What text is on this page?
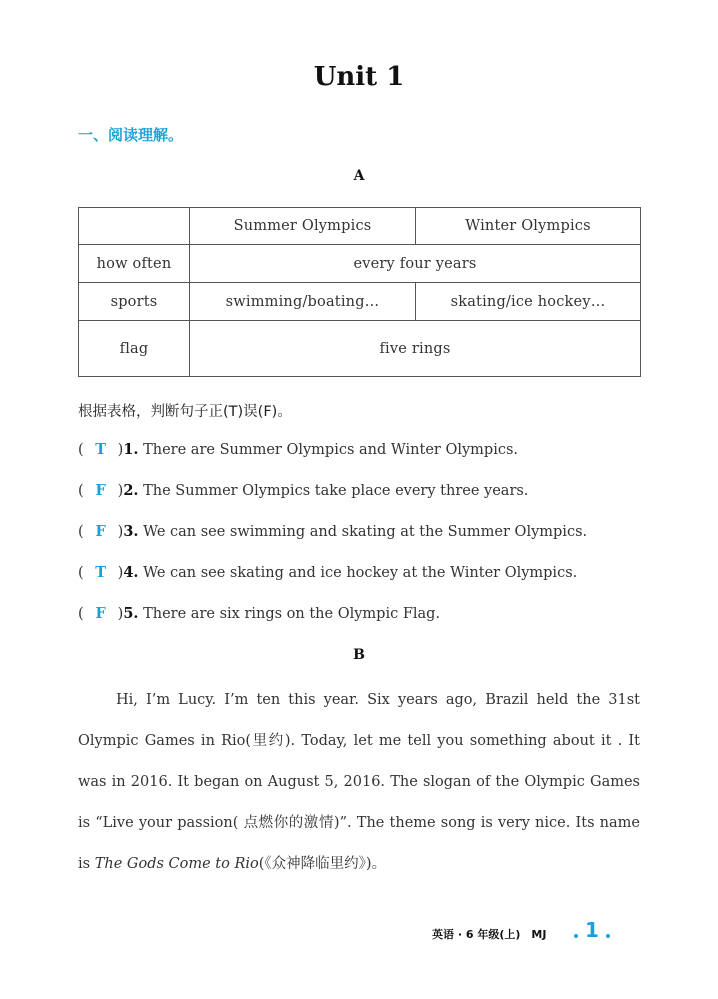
Unit 1
一、阅读理解。
A
	Summer Olympics	Winter Olympics
how often	every four years	
sports	swimming/boating…	skating/ice hockey…
flag	five rings	
根据表格，判断句子正(T)误(F)。
( T )1. There are Summer Olympics and Winter Olympics.
( F )2. The Summer Olympics take place every three years.
( F )3. We can see swimming and skating at the Summer Olympics.
( T )4. We can see skating and ice hockey at the Winter Olympics.
( F )5. There are six rings on the Olympic Flag.
B
Hi, I’m Lucy. I’m ten this year. Six years ago, Brazil held the 31st Olympic Games in Rio(里约). Today, let me tell you something about it . It was in 2016. It began on August 5, 2016. The slogan of the Olympic Games is “Live your passion( 点燃你的激情)”. The theme song is very nice. Its name is The Gods Come to Rio(《众神降临里约》)。
英语 · 6 年级(上)　MJ 1
